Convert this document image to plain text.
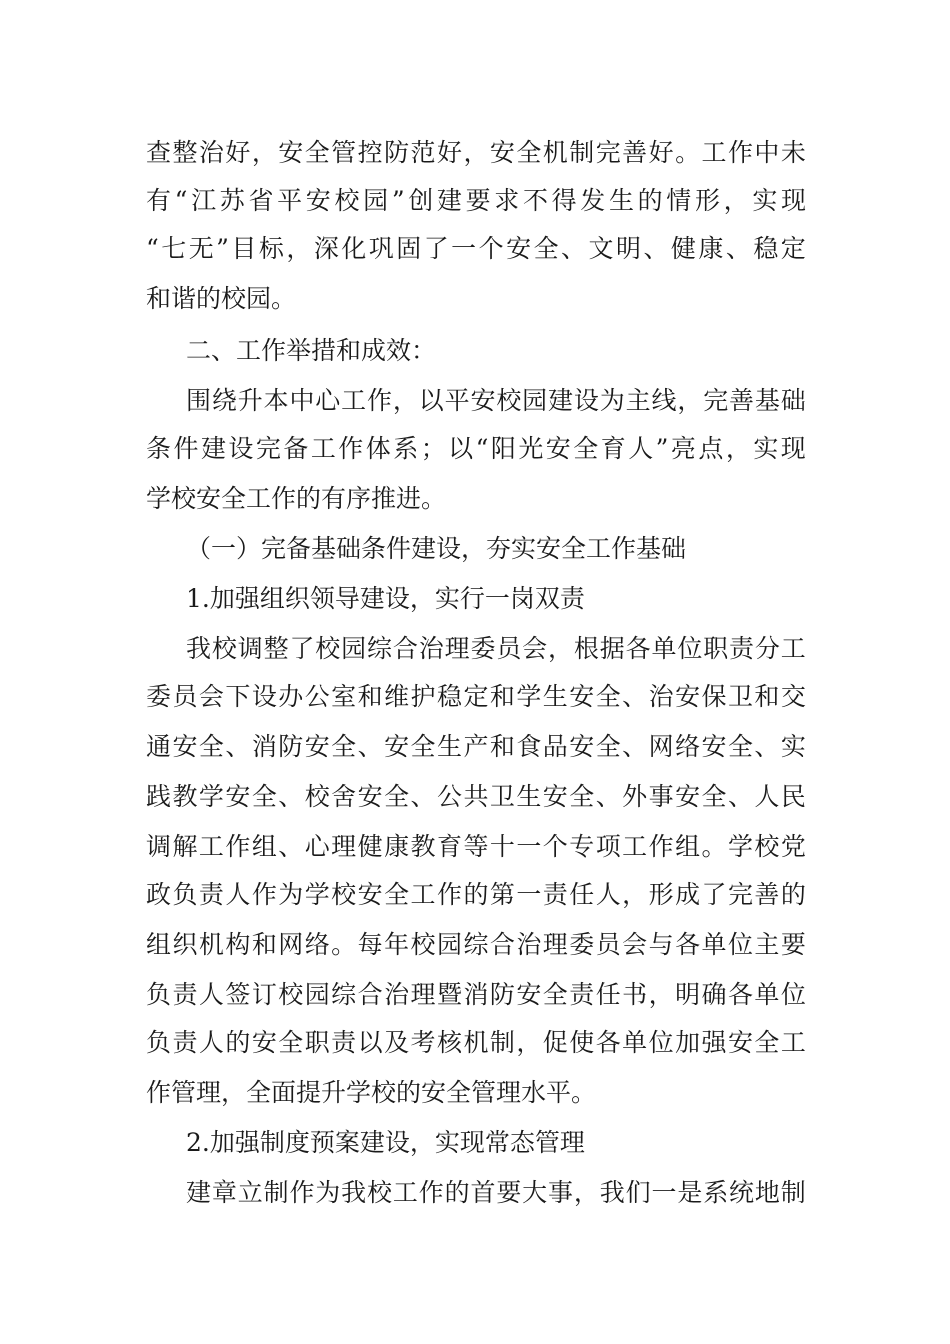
查 整 治 好 ， 安 全 管 控 防 范 好 ， 安 全 机 制 完 善 好 。 工 作 中 未
有 “ 江 苏 省 平 安 校 园 ” 创 建 要 求 不 得 发 生 的 情 形 ， 实 现
“ 七 无 ” 目 标 ， 深 化 巩 固 了 一 个 安 全 、 文 明 、 健 康 、 稳 定
和谐的校园。
二、工作举措和成效：
围 绕 升 本 中 心 工 作 ， 以 平 安 校 园 建 设 为 主 线 ， 完 善 基 础
条 件 建 设 完 备 工 作 体 系 ； 以 “ 阳 光 安 全 育 人 ” 亮 点 ， 实 现
学校安全工作的有序推进。
（一）完备基础条件建设，夯实安全工作基础
1.加强组织领导建设，实行一岗双责
我 校 调 整 了 校 园 综 合 治 理 委 员 会 ， 根 据 各 单 位 职 责 分 工
委 员 会 下 设 办 公 室 和 维 护 稳 定 和 学 生 安 全 、 治 安 保 卫 和 交
通 安 全 、 消 防 安 全 、 安 全 生 产 和 食 品 安 全 、 网 络 安 全 、 实
践 教 学 安 全 、 校 舍 安 全 、 公 共 卫 生 安 全 、 外 事 安 全 、 人 民
调 解 工 作 组 、 心 理 健 康 教 育 等 十 一 个 专 项 工 作 组 。 学 校 党
政 负 责 人 作 为 学 校 安 全 工 作 的 第 一 责 任 人 ， 形 成 了 完 善 的
组 织 机 构 和 网 络 。 每 年 校 园 综 合 治 理 委 员 会 与 各 单 位 主 要
负 责 人 签 订 校 园 综 合 治 理 暨 消 防 安 全 责 任 书 ， 明 确 各 单 位
负 责 人 的 安 全 职 责 以 及 考 核 机 制 ， 促 使 各 单 位 加 强 安 全 工
作管理，全面提升学校的安全管理水平。
2.加强制度预案建设，实现常态管理
建 章 立 制 作 为 我 校 工 作 的 首 要 大 事 ， 我 们 一 是 系 统 地 制
